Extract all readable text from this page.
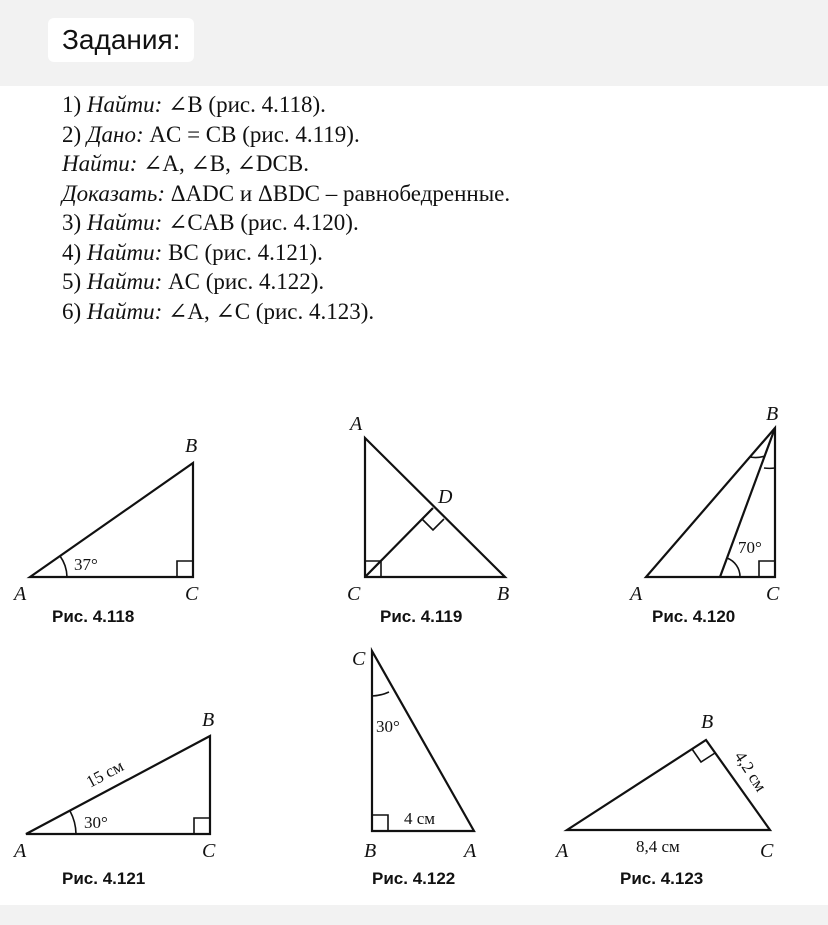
Задания:
1) Найти: ∠B (рис. 4.118).
2) Дано: AC = CB (рис. 4.119).
Найти: ∠A, ∠B, ∠DCB.
Доказать: ΔADC и ΔBDC – равнобедренные.
3) Найти: ∠CAB (рис. 4.120).
4) Найти: BC (рис. 4.121).
5) Найти: AC (рис. 4.122).
6) Найти: ∠A, ∠C (рис. 4.123).
37°
A	C
B
Рис. 4.118
A
D
C	B
Рис. 4.119
70°
A	C
B
Рис. 4.120
30°
15 см
A	C
B
Рис. 4.121
30°
4 см
C
B	A
Рис. 4.122
8,4 см
4,2 см
A	C
B
Рис. 4.123
